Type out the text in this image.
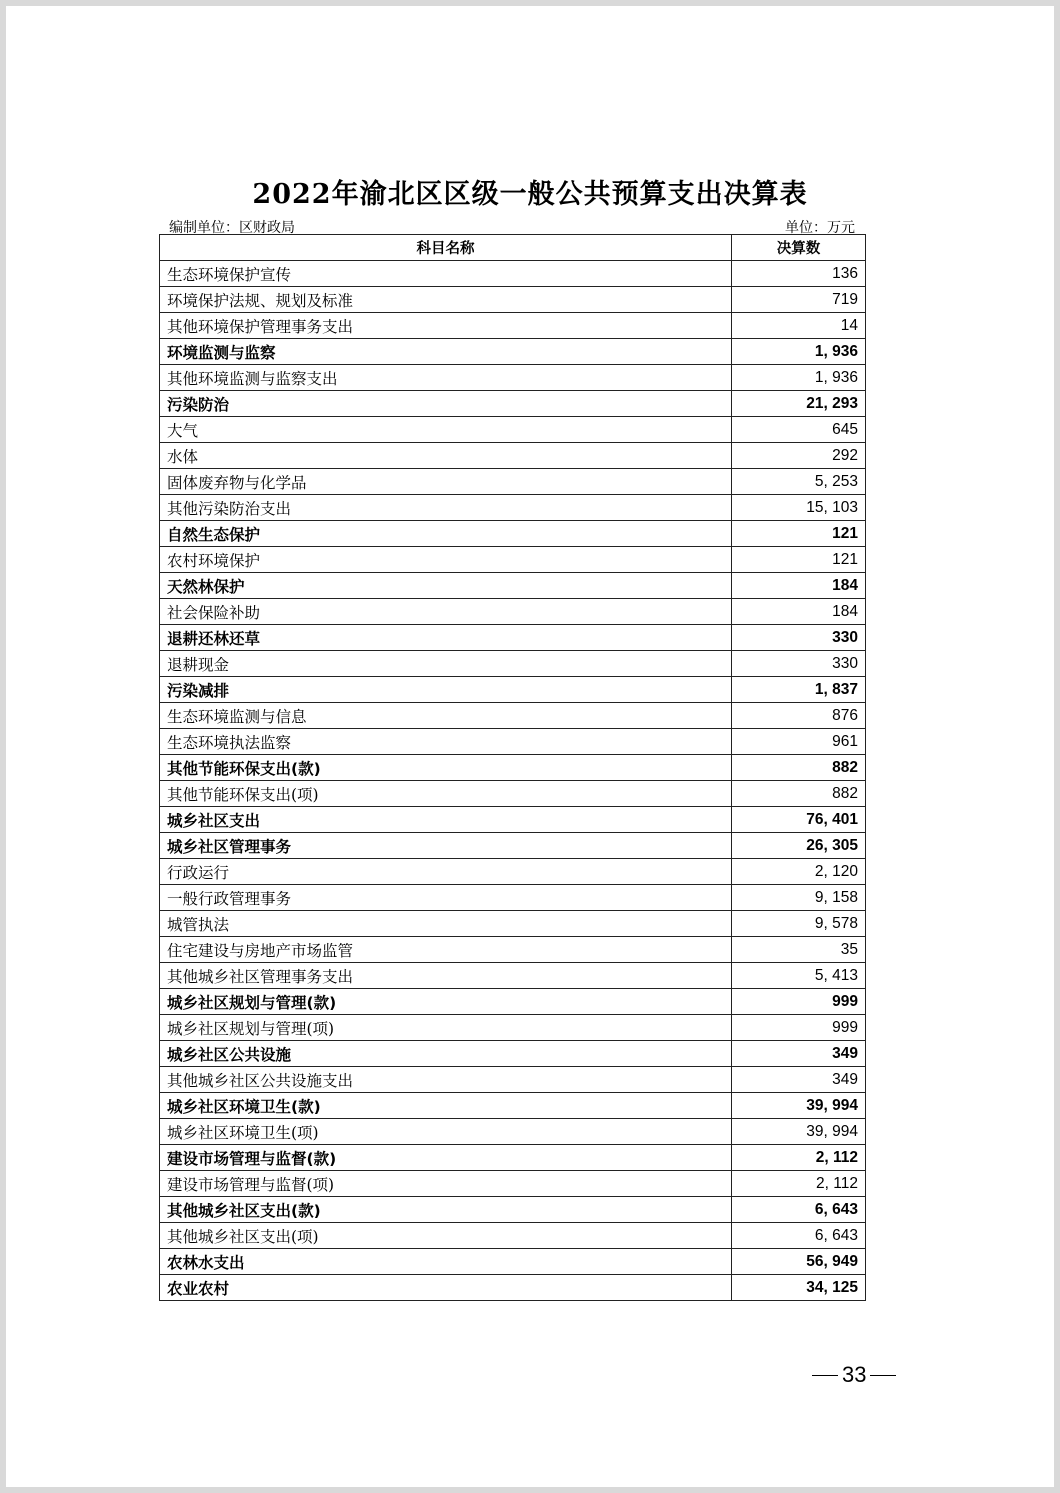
2022年渝北区区级一般公共预算支出决算表
编制单位：区财政局	单位：万元
科目名称	决算数
生态环境保护宣传	136
环境保护法规、规划及标准	719
其他环境保护管理事务支出	14
环境监测与监察	1, 936
其他环境监测与监察支出	1, 936
污染防治	21, 293
大气	645
水体	292
固体废弃物与化学品	5, 253
其他污染防治支出	15, 103
自然生态保护	121
农村环境保护	121
天然林保护	184
社会保险补助	184
退耕还林还草	330
退耕现金	330
污染减排	1, 837
生态环境监测与信息	876
生态环境执法监察	961
其他节能环保支出(款)	882
其他节能环保支出(项)	882
城乡社区支出	76, 401
城乡社区管理事务	26, 305
行政运行	2, 120
一般行政管理事务	9, 158
城管执法	9, 578
住宅建设与房地产市场监管	35
其他城乡社区管理事务支出	5, 413
城乡社区规划与管理(款)	999
城乡社区规划与管理(项)	999
城乡社区公共设施	349
其他城乡社区公共设施支出	349
城乡社区环境卫生(款)	39, 994
城乡社区环境卫生(项)	39, 994
建设市场管理与监督(款)	2, 112
建设市场管理与监督(项)	2, 112
其他城乡社区支出(款)	6, 643
其他城乡社区支出(项)	6, 643
农林水支出	56, 949
农业农村	34, 125
33
